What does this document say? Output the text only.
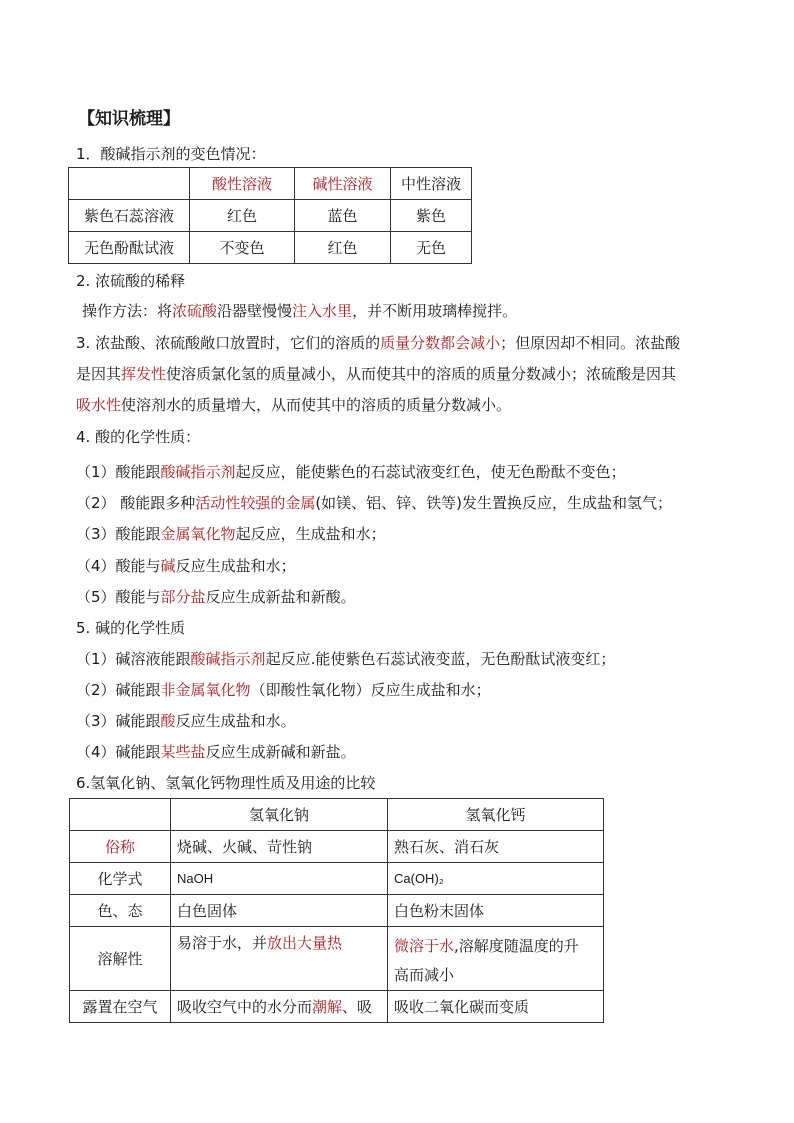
【知识梳理】
1．酸碱指示剂的变色情况：
	酸性溶液	碱性溶液	中性溶液
紫色石蕊溶液	红色	蓝色	紫色
无色酚酞试液	不变色	红色	无色
2. 浓硫酸的稀释
操作方法：将浓硫酸沿器壁慢慢注入水里，并不断用玻璃棒搅拌。
3. 浓盐酸、浓硫酸敞口放置时，它们的溶质的质量分数都会减小；但原因却不相同。浓盐酸
是因其挥发性使溶质氯化氢的质量减小，从而使其中的溶质的质量分数减小；浓硫酸是因其
吸水性使溶剂水的质量增大，从而使其中的溶质的质量分数减小。
4. 酸的化学性质：
（1）酸能跟酸碱指示剂起反应，能使紫色的石蕊试液变红色，使无色酚酞不变色；
（2） 酸能跟多种活动性较强的金属(如镁、铝、锌、铁等)发生置换反应，生成盐和氢气；
（3）酸能跟金属氧化物起反应，生成盐和水；
（4）酸能与碱反应生成盐和水；
（5）酸能与部分盐反应生成新盐和新酸。
5. 碱的化学性质
（1）碱溶液能跟酸碱指示剂起反应.能使紫色石蕊试液变蓝，无色酚酞试液变红；
（2）碱能跟非金属氧化物（即酸性氧化物）反应生成盐和水；
（3）碱能跟酸反应生成盐和水。
（4）碱能跟某些盐反应生成新碱和新盐。
6.氢氧化钠、氢氧化钙物理性质及用途的比较
	氢氧化钠	氢氧化钙
俗称	烧碱、火碱、苛性钠	熟石灰、消石灰
化学式	NaOH	Ca(OH)₂
色、态	白色固体	白色粉末固体
溶解性	易溶于水，并放出大量热	微溶于水,溶解度随温度的升
高而减小
露置在空气	吸收空气中的水分而潮解、吸	吸收二氧化碳而变质
